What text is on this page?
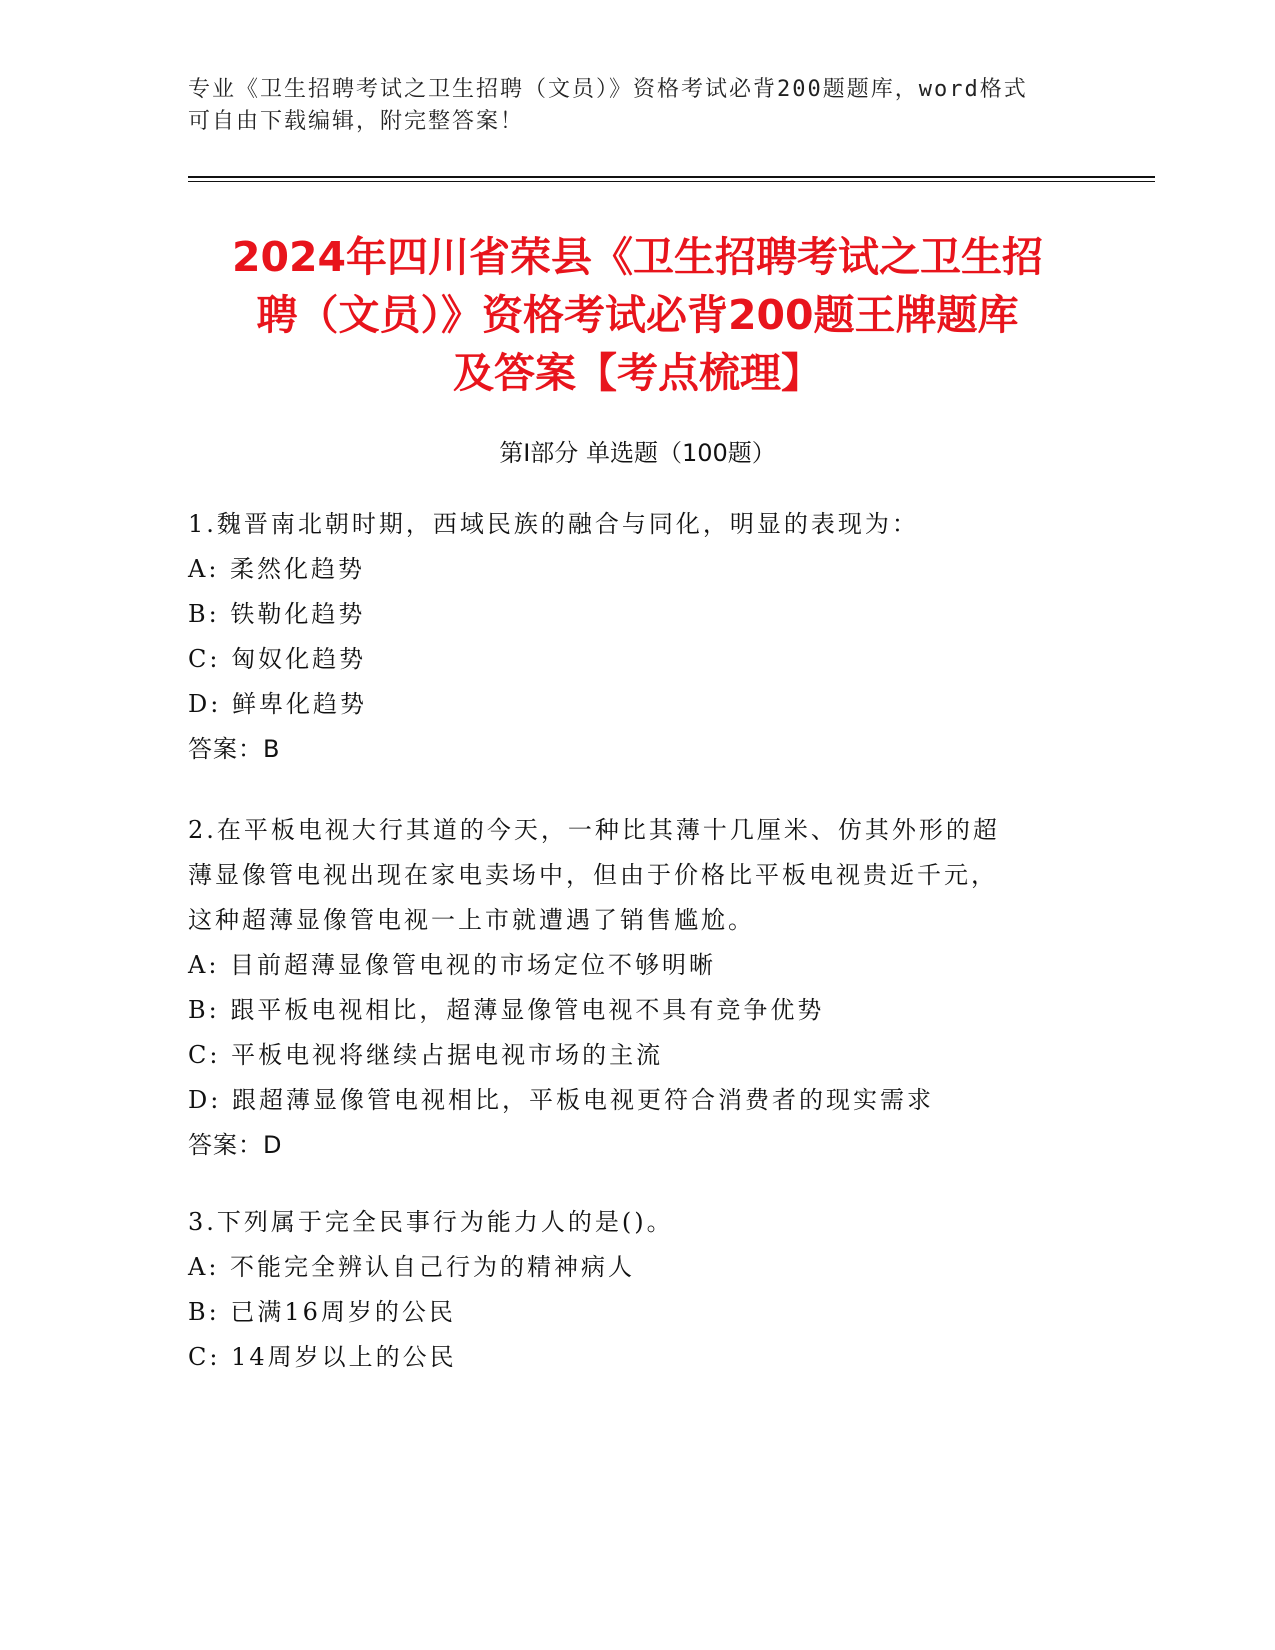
专业《卫生招聘考试之卫生招聘（文员）》资格考试必背200题题库，word格式
可自由下载编辑，附完整答案！
2024年四川省荣县《卫生招聘考试之卫生招
聘（文员）》资格考试必背200题王牌题库
及答案【考点梳理】
第I部分 单选题（100题）
1.魏晋南北朝时期，西域民族的融合与同化，明显的表现为：
A: 柔然化趋势
B: 铁勒化趋势
C: 匈奴化趋势
D: 鲜卑化趋势
答案：B
2.在平板电视大行其道的今天，一种比其薄十几厘米、仿其外形的超
薄显像管电视出现在家电卖场中，但由于价格比平板电视贵近千元，
这种超薄显像管电视一上市就遭遇了销售尴尬。
A: 目前超薄显像管电视的市场定位不够明晰
B: 跟平板电视相比，超薄显像管电视不具有竞争优势
C: 平板电视将继续占据电视市场的主流
D: 跟超薄显像管电视相比，平板电视更符合消费者的现实需求
答案：D
3.下列属于完全民事行为能力人的是()。
A: 不能完全辨认自己行为的精神病人
B: 已满16周岁的公民
C: 14周岁以上的公民
